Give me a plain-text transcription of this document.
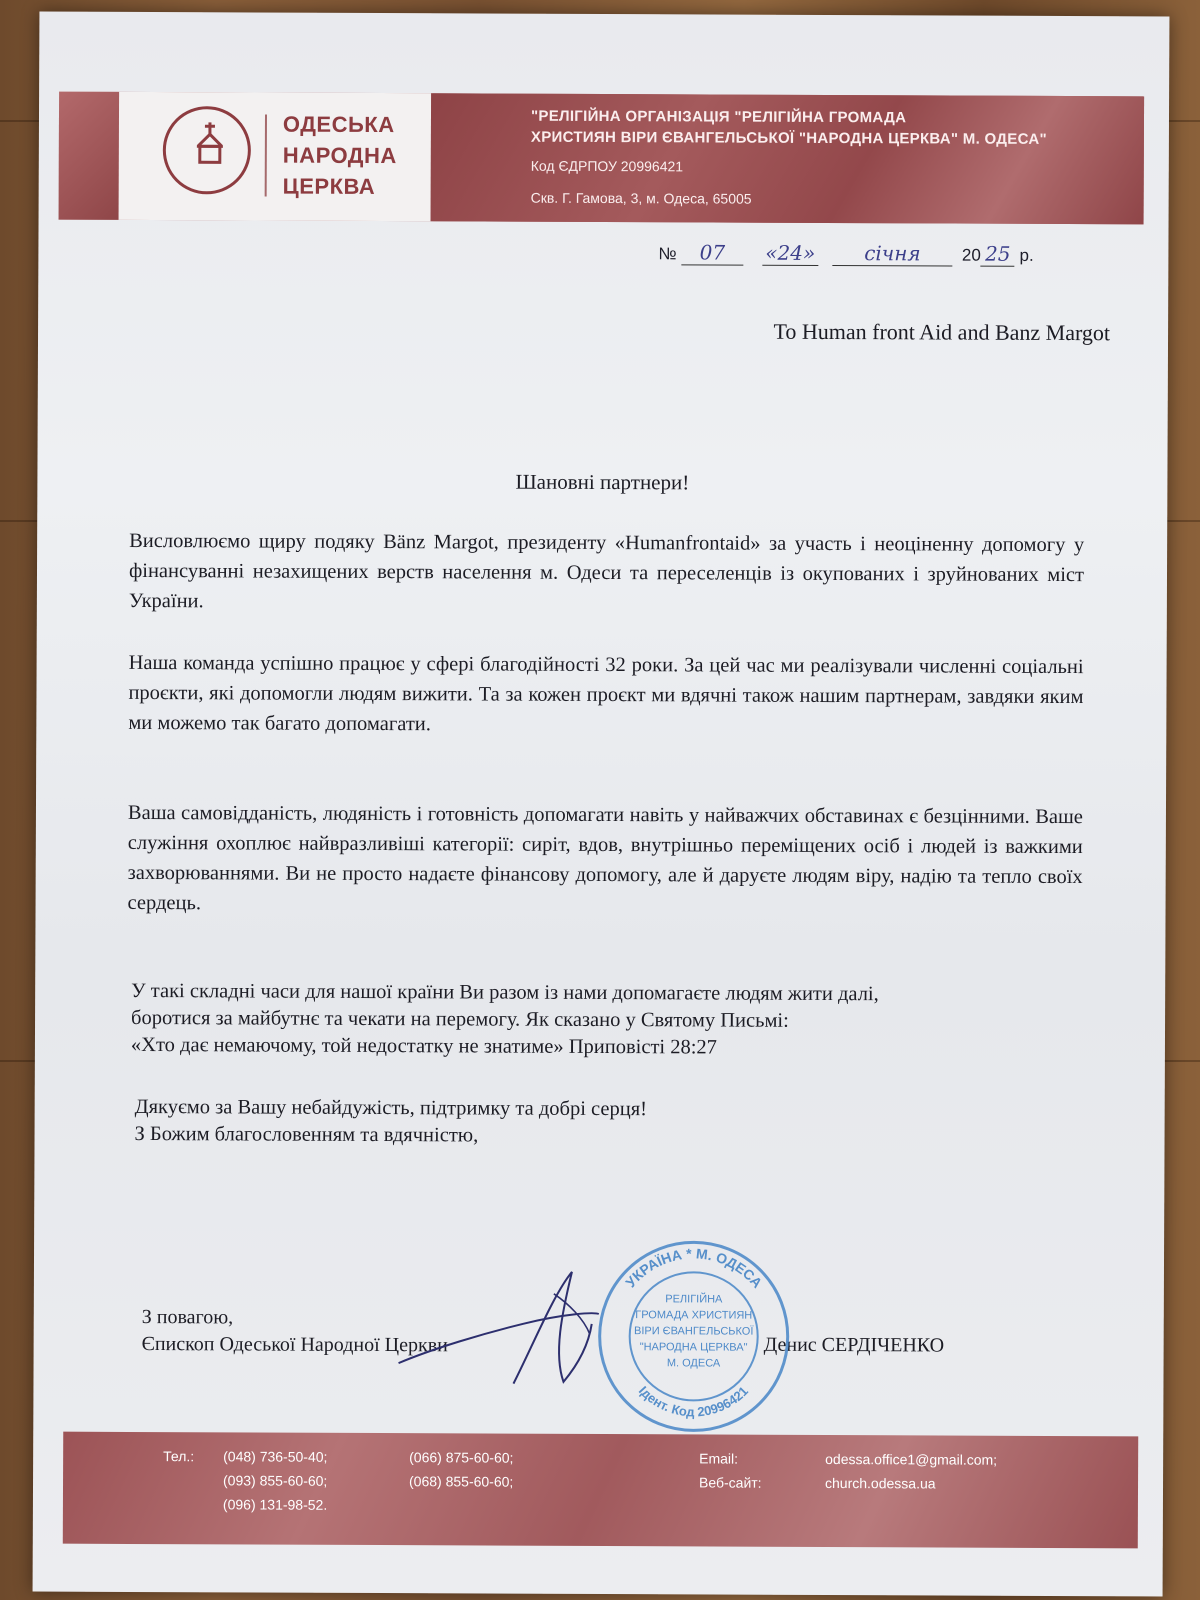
ОДЕСЬКА
НАРОДНА
ЦЕРКВА
"РЕЛІГІЙНА ОРГАНІЗАЦІЯ "РЕЛІГІЙНА ГРОМАДА
ХРИСТИЯН ВІРИ ЄВАНГЕЛЬСЬКОЇ "НАРОДНА ЦЕРКВА" М. ОДЕСА"
Код ЄДРПОУ 20996421
Скв. Г. Гамова, 3, м. Одеса, 65005
№ 07 «24» січня 20 25 р.
To Human front Aid and Banz Margot
Шановні партнери!
Висловлюємо щиру подяку Bänz Margot, президенту «Humanfrontaid» за участь і неоціненну допомогу у фінансуванні незахищених верств населення м. Одеси та переселенців із окупованих і зруйнованих міст України.
Наша команда успішно працює у сфері благодійності 32 роки. За цей час ми реалізували численні соціальні проєкти, які допомогли людям вижити. Та за кожен проєкт ми вдячні також нашим партнерам, завдяки яким ми можемо так багато допомагати.
Ваша самовідданість, людяність і готовність допомагати навіть у найважчих обставинах є безцінними. Ваше служіння охоплює найвразливіші категорії: сиріт, вдов, внутрішньо переміщених осіб і людей із важкими захворюваннями. Ви не просто надаєте фінансову допомогу, але й даруєте людям віру, надію та тепло своїх сердець.
У такі складні часи для нашої країни Ви разом із нами допомагаєте людям жити далі,
боротися за майбутнє та чекати на перемогу. Як сказано у Святому Письмі:
«Хто дає немаючому, той недостатку не знатиме» Приповісті 28:27
Дякуємо за Вашу небайдужість, підтримку та добрі серця!
З Божим благословенням та вдячністю,
З повагою,
Єпископ Одеської Народної Церкви	Денис СЕРДІЧЕНКО
УКРАЇНА * М. ОДЕСА
Ідент. Код 20996421
РЕЛІГІЙНА
ГРОМАДА ХРИСТИЯН
ВІРИ ЄВАНГЕЛЬСЬКОЇ
"НАРОДНА ЦЕРКВА"
М. ОДЕСА
Тел.: (048) 736-50-40;
(093) 855-60-60;
(096) 131-98-52.
(066) 875-60-60;
(068) 855-60-60;
Email:
Веб-сайт:
odessa.office1@gmail.com;
church.odessa.ua
